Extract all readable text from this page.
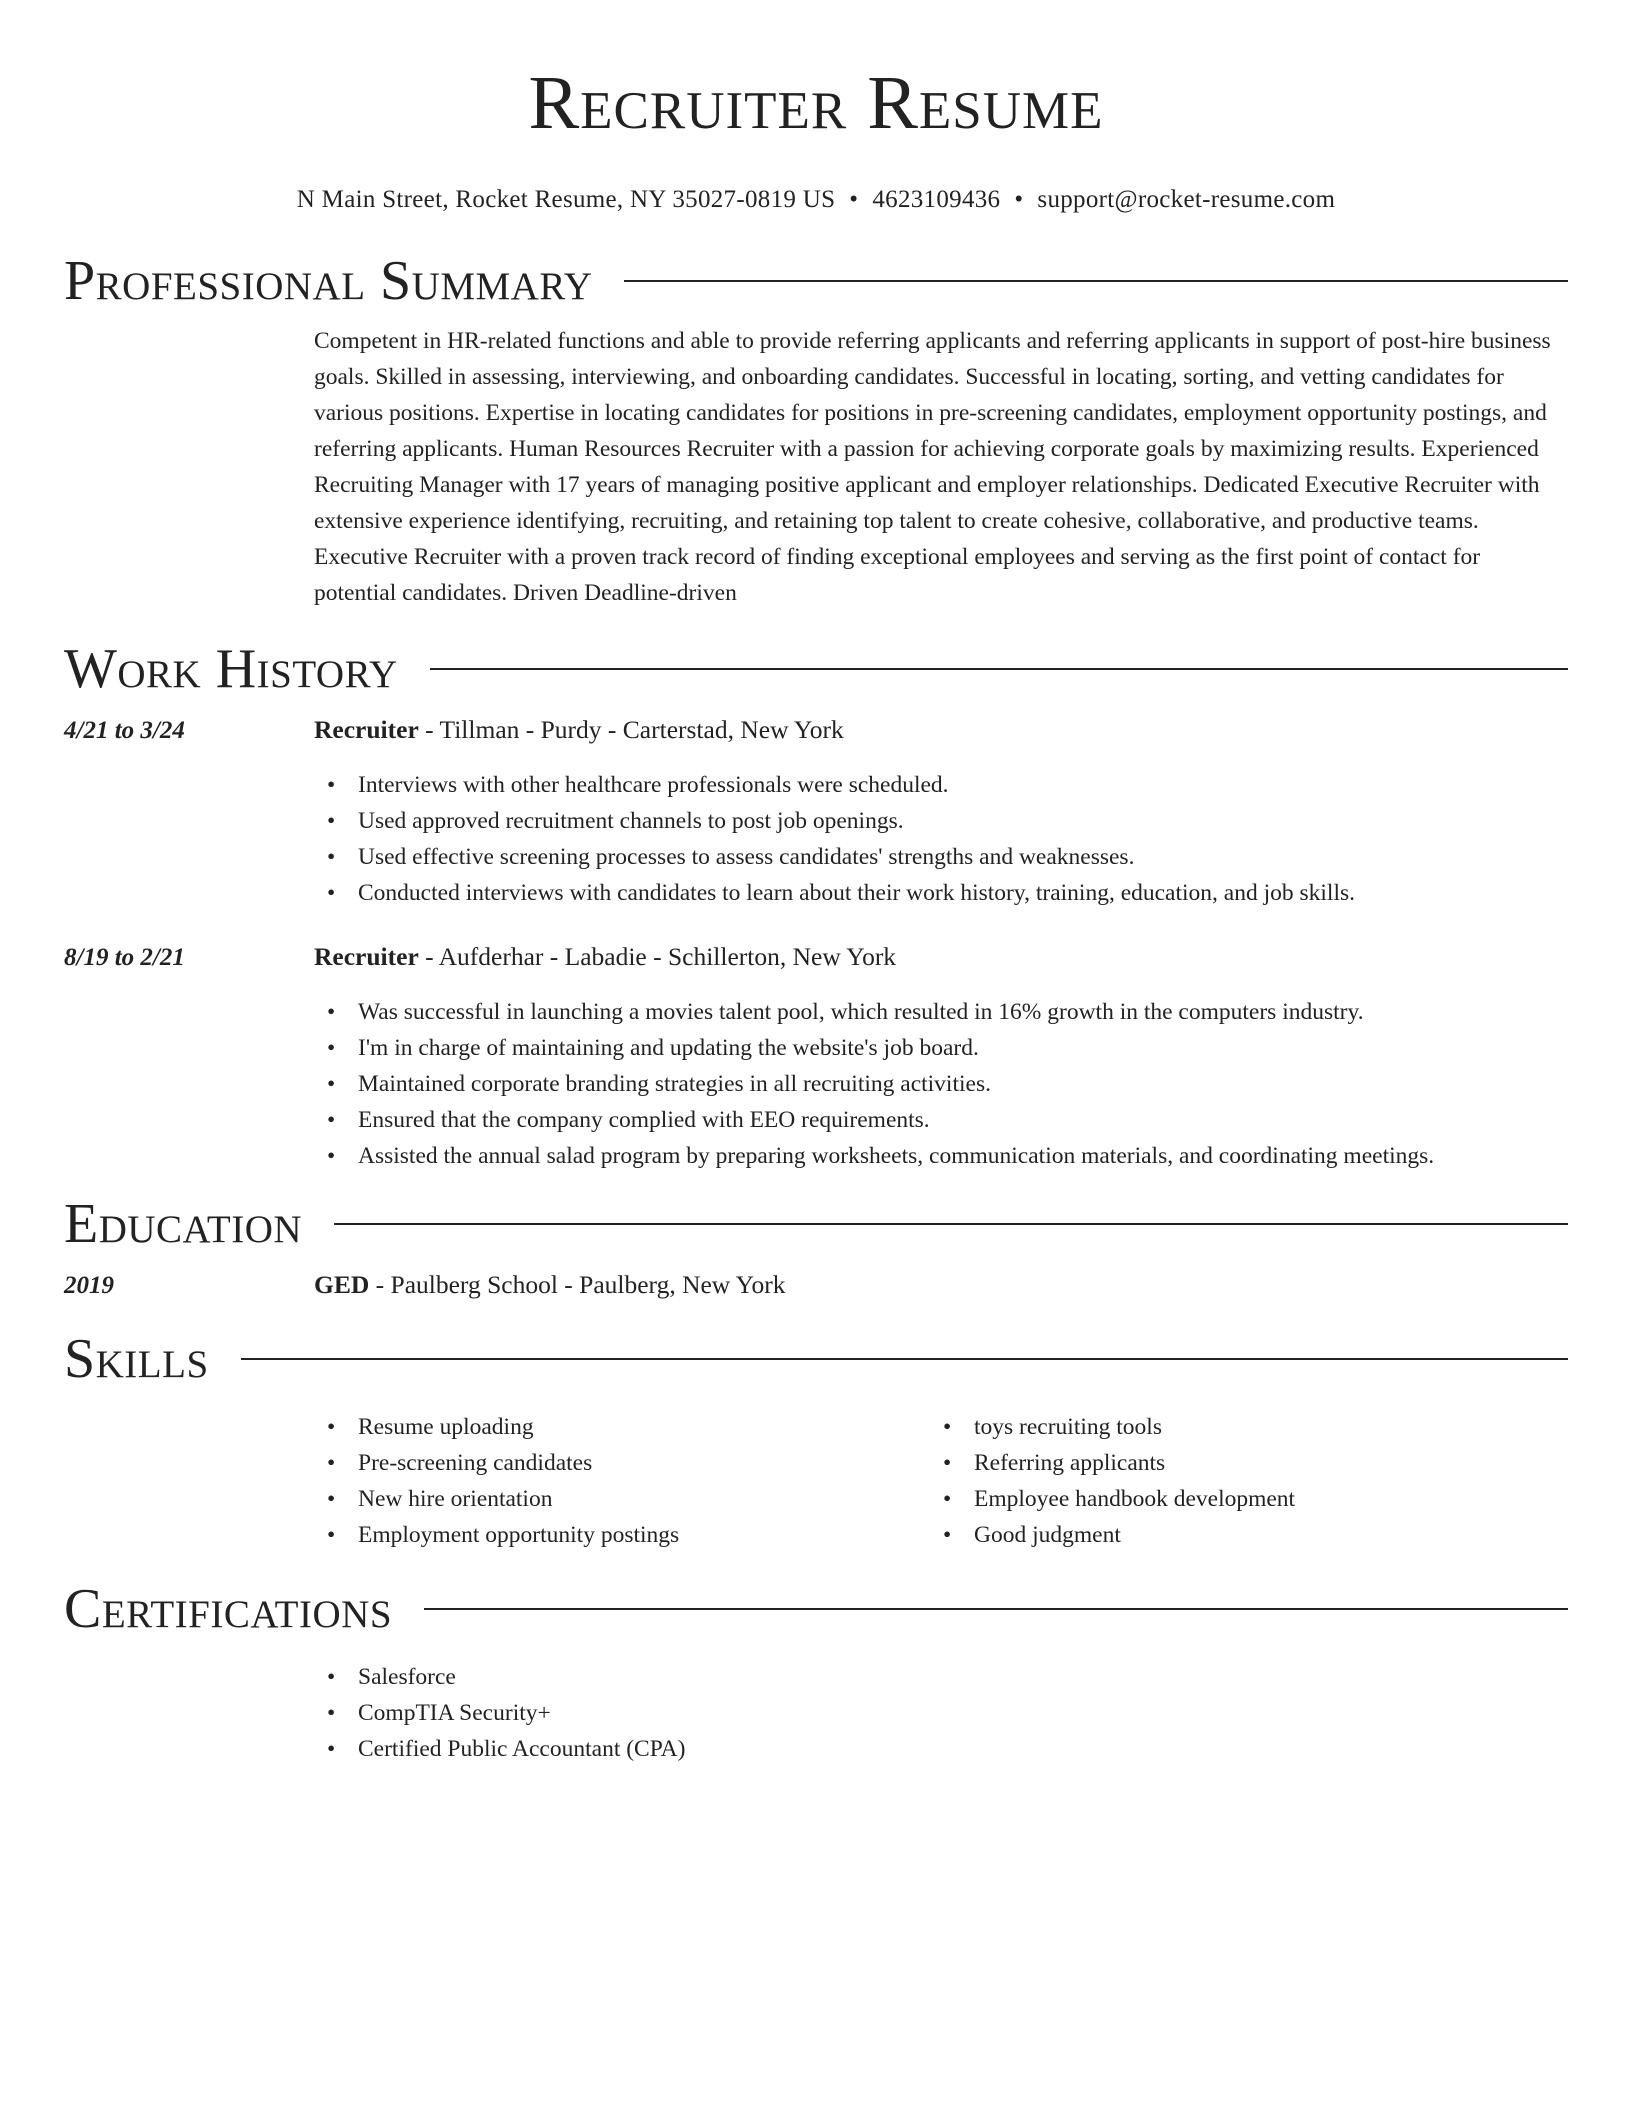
Recruiter Resume
N Main Street, Rocket Resume, NY 35027-0819 US • 4623109436 • support@rocket-resume.com
Professional Summary
Competent in HR-related functions and able to provide referring applicants and referring applicants in support of post-hire business goals. Skilled in assessing, interviewing, and onboarding candidates. Successful in locating, sorting, and vetting candidates for various positions. Expertise in locating candidates for positions in pre-screening candidates, employment opportunity postings, and referring applicants. Human Resources Recruiter with a passion for achieving corporate goals by maximizing results. Experienced Recruiting Manager with 17 years of managing positive applicant and employer relationships. Dedicated Executive Recruiter with extensive experience identifying, recruiting, and retaining top talent to create cohesive, collaborative, and productive teams. Executive Recruiter with a proven track record of finding exceptional employees and serving as the first point of contact for potential candidates. Driven Deadline-driven
Work History
4/21 to 3/24	Recruiter - Tillman - Purdy - Carterstad, New York
• Interviews with other healthcare professionals were scheduled.
• Used approved recruitment channels to post job openings.
• Used effective screening processes to assess candidates' strengths and weaknesses.
• Conducted interviews with candidates to learn about their work history, training, education, and job skills.
8/19 to 2/21	Recruiter - Aufderhar - Labadie - Schillerton, New York
• Was successful in launching a movies talent pool, which resulted in 16% growth in the computers industry.
• I'm in charge of maintaining and updating the website's job board.
• Maintained corporate branding strategies in all recruiting activities.
• Ensured that the company complied with EEO requirements.
• Assisted the annual salad program by preparing worksheets, communication materials, and coordinating meetings.
Education
2019	GED - Paulberg School - Paulberg, New York
Skills
• Resume uploading
• Pre-screening candidates
• New hire orientation
• Employment opportunity postings
• toys recruiting tools
• Referring applicants
• Employee handbook development
• Good judgment
Certifications
• Salesforce
• CompTIA Security+
• Certified Public Accountant (CPA)
